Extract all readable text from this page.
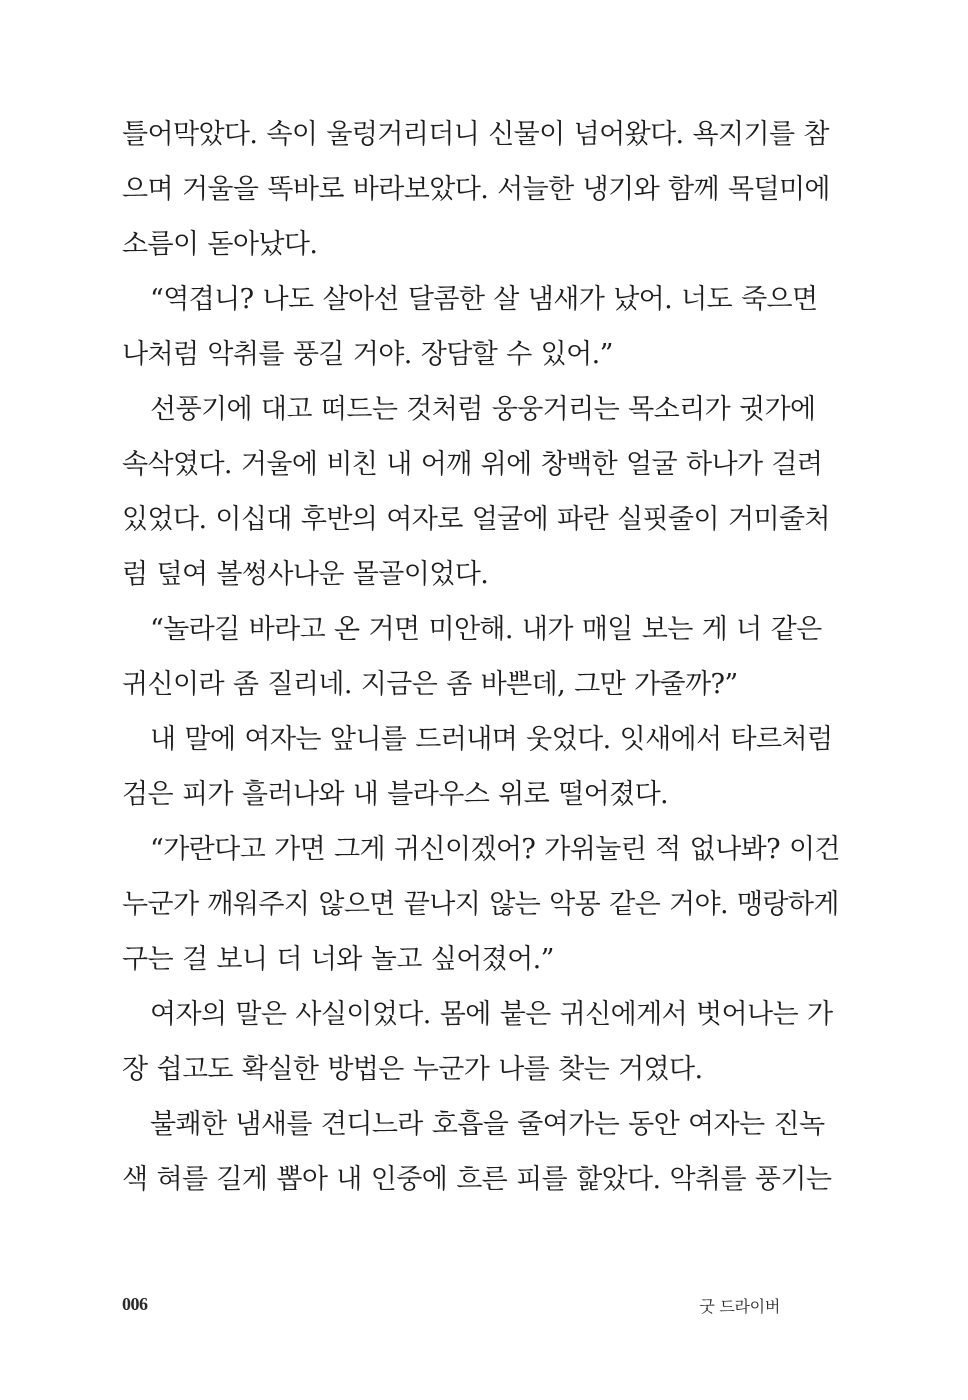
틀어막았다. 속이 울렁거리더니 신물이 넘어왔다. 욕지기를 참
으며 거울을 똑바로 바라보았다. 서늘한 냉기와 함께 목덜미에
소름이 돋아났다.
“역겹니? 나도 살아선 달콤한 살 냄새가 났어. 너도 죽으면
나처럼 악취를 풍길 거야. 장담할 수 있어.”
선풍기에 대고 떠드는 것처럼 웅웅거리는 목소리가 귓가에
속삭였다. 거울에 비친 내 어깨 위에 창백한 얼굴 하나가 걸려
있었다. 이십대 후반의 여자로 얼굴에 파란 실핏줄이 거미줄처
럼 덮여 볼썽사나운 몰골이었다.
“놀라길 바라고 온 거면 미안해. 내가 매일 보는 게 너 같은
귀신이라 좀 질리네. 지금은 좀 바쁜데, 그만 가줄까?”
내 말에 여자는 앞니를 드러내며 웃었다. 잇새에서 타르처럼
검은 피가 흘러나와 내 블라우스 위로 떨어졌다.
“가란다고 가면 그게 귀신이겠어? 가위눌린 적 없나봐? 이건
누군가 깨워주지 않으면 끝나지 않는 악몽 같은 거야. 맹랑하게
구는 걸 보니 더 너와 놀고 싶어졌어.”
여자의 말은 사실이었다. 몸에 붙은 귀신에게서 벗어나는 가
장 쉽고도 확실한 방법은 누군가 나를 찾는 거였다.
불쾌한 냄새를 견디느라 호흡을 줄여가는 동안 여자는 진녹
색 혀를 길게 뽑아 내 인중에 흐른 피를 핥았다. 악취를 풍기는
006	굿 드라이버
